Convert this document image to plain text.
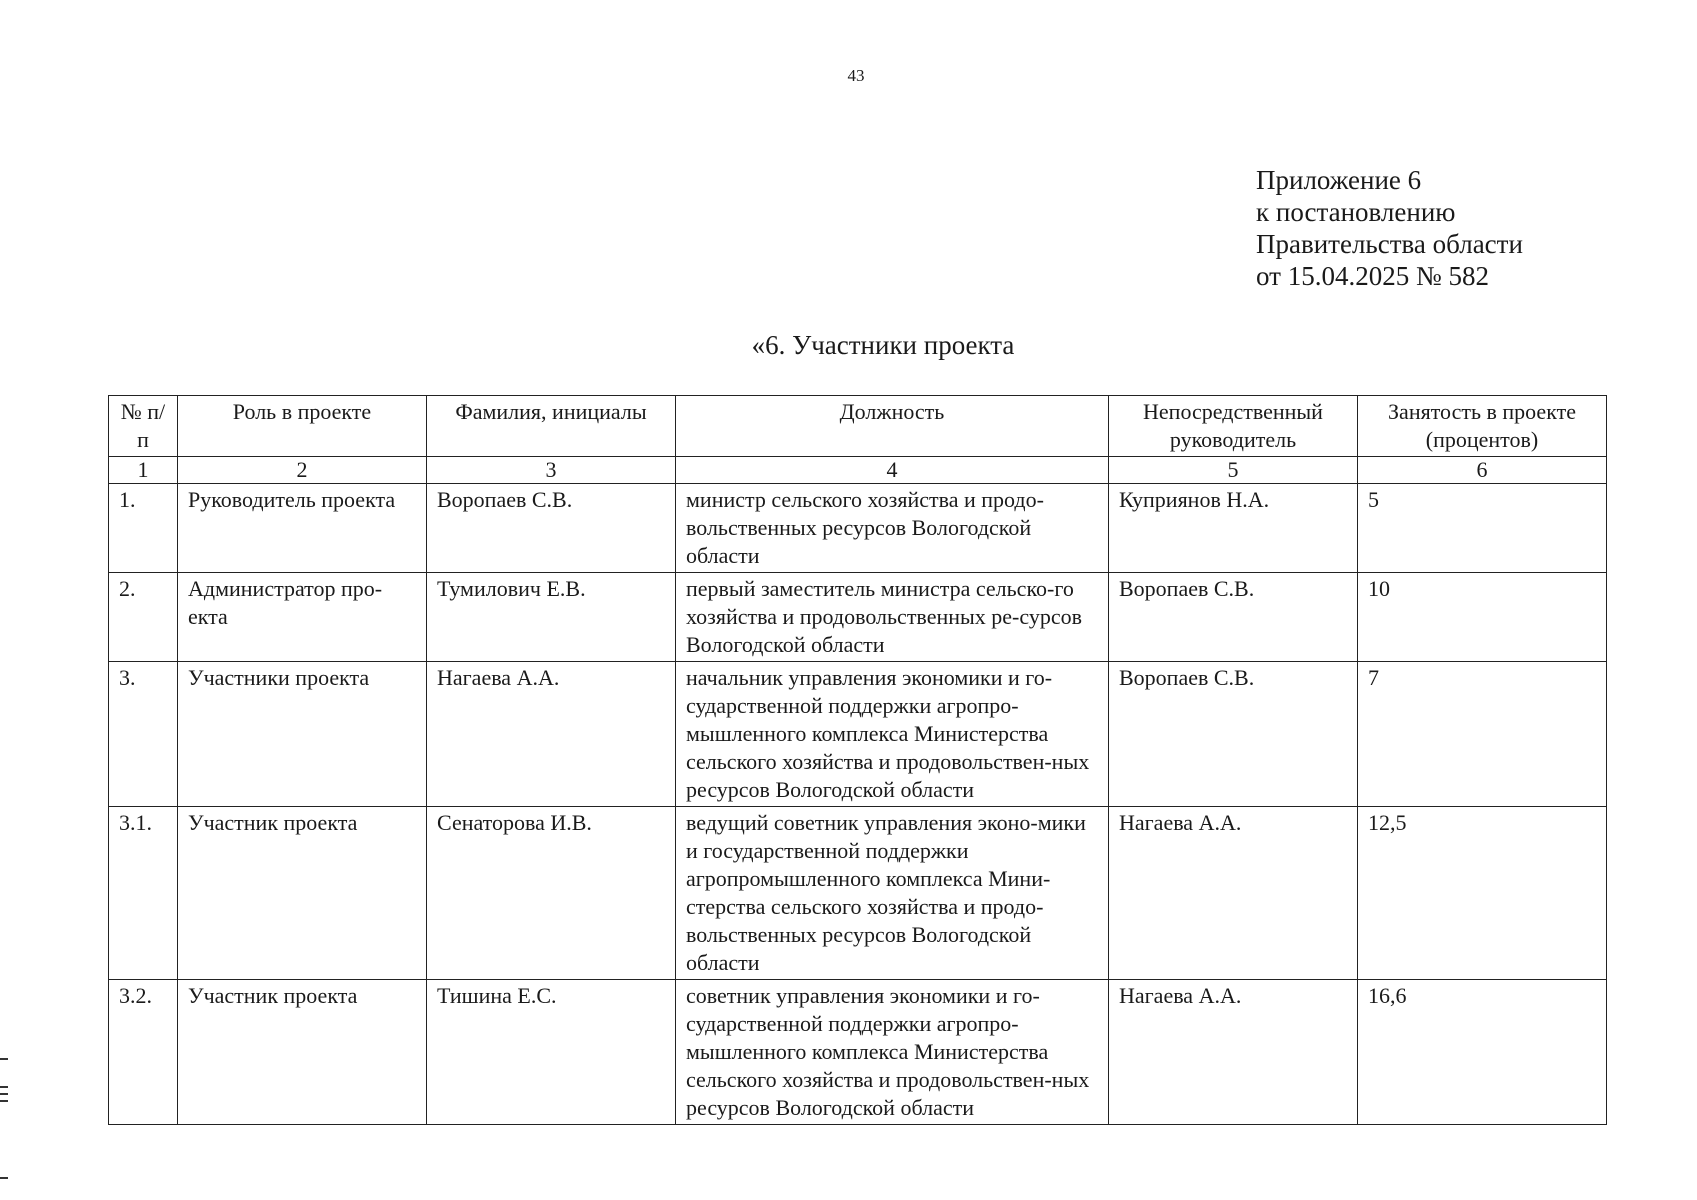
43
Приложение 6
к постановлению
Правительства области
от 15.04.2025 № 582
«6. Участники проекта
№ п/п	Роль в проекте	Фамилия, инициалы	Должность	Непосредственный руководитель	Занятость в проекте (процентов)
1	2	3	4	5	6
1.	Руководитель проекта	Воропаев С.В.	министр сельского хозяйства и продо-вольственных ресурсов Вологодской области	Куприянов Н.А.	5
2.	Администратор про-екта	Тумилович Е.В.	первый заместитель министра сельско-го хозяйства и продовольственных ре-сурсов Вологодской области	Воропаев С.В.	10
3.	Участники проекта	Нагаева А.А.	начальник управления экономики и го-сударственной поддержки агропро-мышленного комплекса Министерства сельского хозяйства и продовольствен-ных ресурсов Вологодской области	Воропаев С.В.	7
3.1.	Участник проекта	Сенаторова И.В.	ведущий советник управления эконо-мики и государственной поддержки агропромышленного комплекса Мини-стерства сельского хозяйства и продо-вольственных ресурсов Вологодской области	Нагаева А.А.	12,5
3.2.	Участник проекта	Тишина Е.С.	советник управления экономики и го-сударственной поддержки агропро-мышленного комплекса Министерства сельского хозяйства и продовольствен-ных ресурсов Вологодской области	Нагаева А.А.	16,6
